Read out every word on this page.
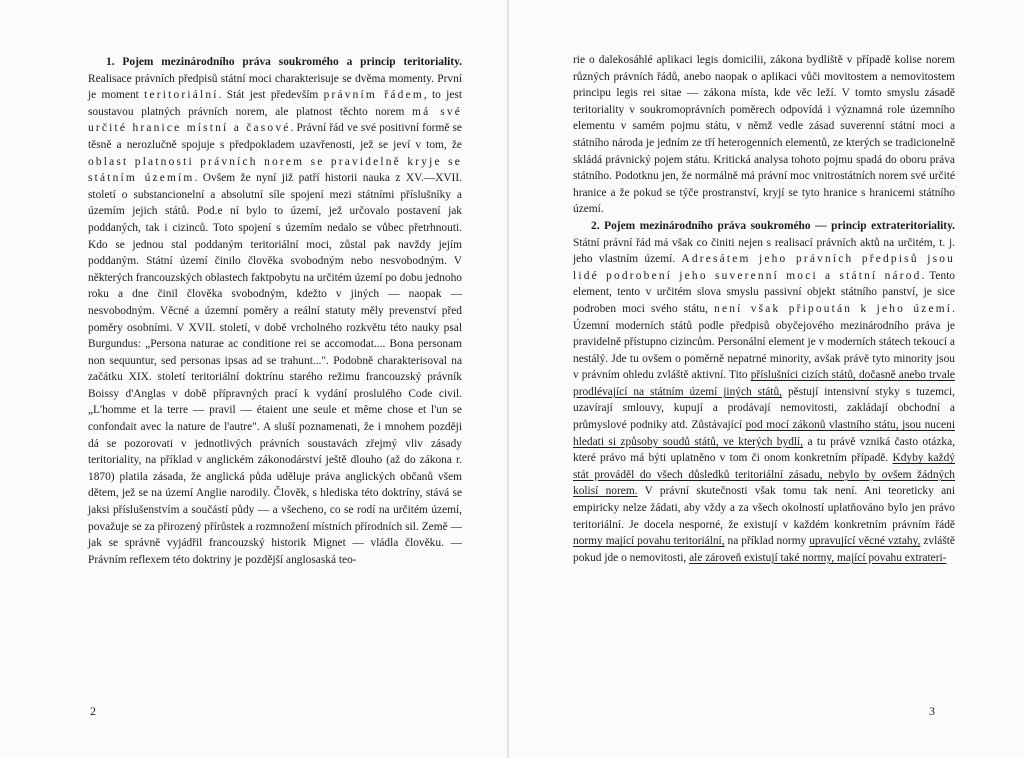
1. Pojem mezinárodního práva soukromého a princip teritoriality. Realisace právních předpisů státní moci charakterisuje se dvěma momenty. První je moment teritoriální. Stát jest především právním řádem, to jest soustavou platných právních norem, ale platnost těchto norem má své určité hranice místní a časové. Právní řád ve své positivní formě se těsně a nerozlučně spojuje s předpokladem uzavřenosti, jež se jeví v tom, že oblast platnosti právních norem se pravidelně kryje se státním územím. Ovšem že nyní již patří historii nauka z XV.—XVII. století o substancionelní a absolutní síle spojení mezi státními příslušníky a územím jejich států. Pod.e ní bylo to území, jež určovalo postavení jak poddaných, tak i cizinců. Toto spojení s územím nedalo se vůbec přetrhnouti. Kdo se jednou stal poddaným teritoriální moci, zůstal pak navždy jejím poddaným. Státní území činilo člověka svobodným nebo nesvobodným. V některých francouzských oblastech faktpobytu na určitém území po dobu jednoho roku a dne činil člověka svobodným, kdežto v jiných — naopak — nesvobodným. Věcné a územní poměry a reální statuty měly prevenství před poměry osobními. V XVII. století, v době vrcholného rozkvětu této nauky psal Burgundus: „Persona naturae ac conditione rei se accomodat.... Bona personam non sequuntur, sed personas ipsas ad se trahunt...". Podobně charakterisoval na začátku XIX. století teritoriální doktrínu starého režimu francouzský právník Boissy d'Anglas v době přípravných prací k vydání proslulého Code civil. „L'homme et la terre — pravil — étaient une seule et même chose et l'un se confondait avec la nature de l'autre". A sluší poznamenati, že i mnohem později dá se pozorovati v jednotlivých právních soustavách zřejmý vliv zásady teritoriality, na příklad v anglickém zákonodárství ještě dlouho (až do zákona r. 1870) platila zásada, že anglická půda uděluje práva anglických občanů všem dětem, jež se na území Anglie narodily. Člověk, s hlediska této doktríny, stává se jaksi příslušenstvím a součástí půdy — a všecheno, co se rodí na určitém území, považuje se za přirozený přírůstek a rozmnožení místních přírodních sil. Země — jak se správně vyjádřil francouzský historik Mignet — vládla člověku. — Právním reflexem této doktriny je pozdější anglosaská teo-

2

rie o dalekosáhlé aplikaci legis domicilii, zákona bydliště v případě kolise norem různých právních řádů, anebo naopak o aplikaci vůči movitostem a nemovitostem principu legis rei sitae — zákona místa, kde věc leží. V tomto smyslu zásadě teritoriality v soukromoprávních poměrech odpovídá i významná role územního elementu v samém pojmu státu, v němž vedle zásad suverenní státní moci a státního národa je jedním ze tří heterogenních elementů, ze kterých se tradicionelně skládá právnický pojem státu. Kritická analysa tohoto pojmu spadá do oboru práva státního. Podotknu jen, že normálně má právní moc vnitrostátních norem své určité hranice a že pokud se týče prostranství, kryjí se tyto hranice s hranicemi státního území.

2. Pojem mezinárodního práva soukromého — princip extrateritoriality. Státní právní řád má však co činiti nejen s realisací právních aktů na určitém, t. j. jeho vlastním území. Adresátem jeho právních předpisů jsou lidé podrobení jeho suverenní moci a státní národ. Tento element, tento v určitém slova smyslu passivní objekt státního panství, je sice podroben moci svého státu, není však připoután k jeho území. Územní moderních států podle předpisů obyčejového mezinárodního práva je pravidelně přístupno cizincům. Personální element je v moderních státech tekoucí a nestálý. Jde tu ovšem o poměrně nepatrné minority, avšak právě tyto minority jsou v právním ohledu zvláště aktivní. Tito příslušníci cizích států, dočasně anebo trvale prodlévající na státním území jiných států, pěstují intensivní styky s tuzemci, uzavírají smlouvy, kupují a prodávají nemovitosti, zakládají obchodní a průmyslové podniky atd. Zůstávající pod mocí zákonů vlastního státu, jsou nuceni hledati si způsoby soudů států, ve kterých bydlí, a tu právě vzniká často otázka, které právo má býti uplatněno v tom či onom konkretním případě. Kdyby každý stát prováděl do všech důsledků teritoriální zásadu, nebylo by ovšem žádných kolisí norem. V právní skutečnosti však tomu tak není. Ani teoreticky ani empiricky nelze žádati, aby vždy a za všech okolností uplatňováno bylo jen právo teritoriální. Je docela nesporné, že existují v každém konkretním právním řádě normy mající povahu teritoriální, na příklad normy upravující věcné vztahy, zvláště pokud jde o nemovitosti, ale zároveň existují také normy, mající povahu extrateri-

3
